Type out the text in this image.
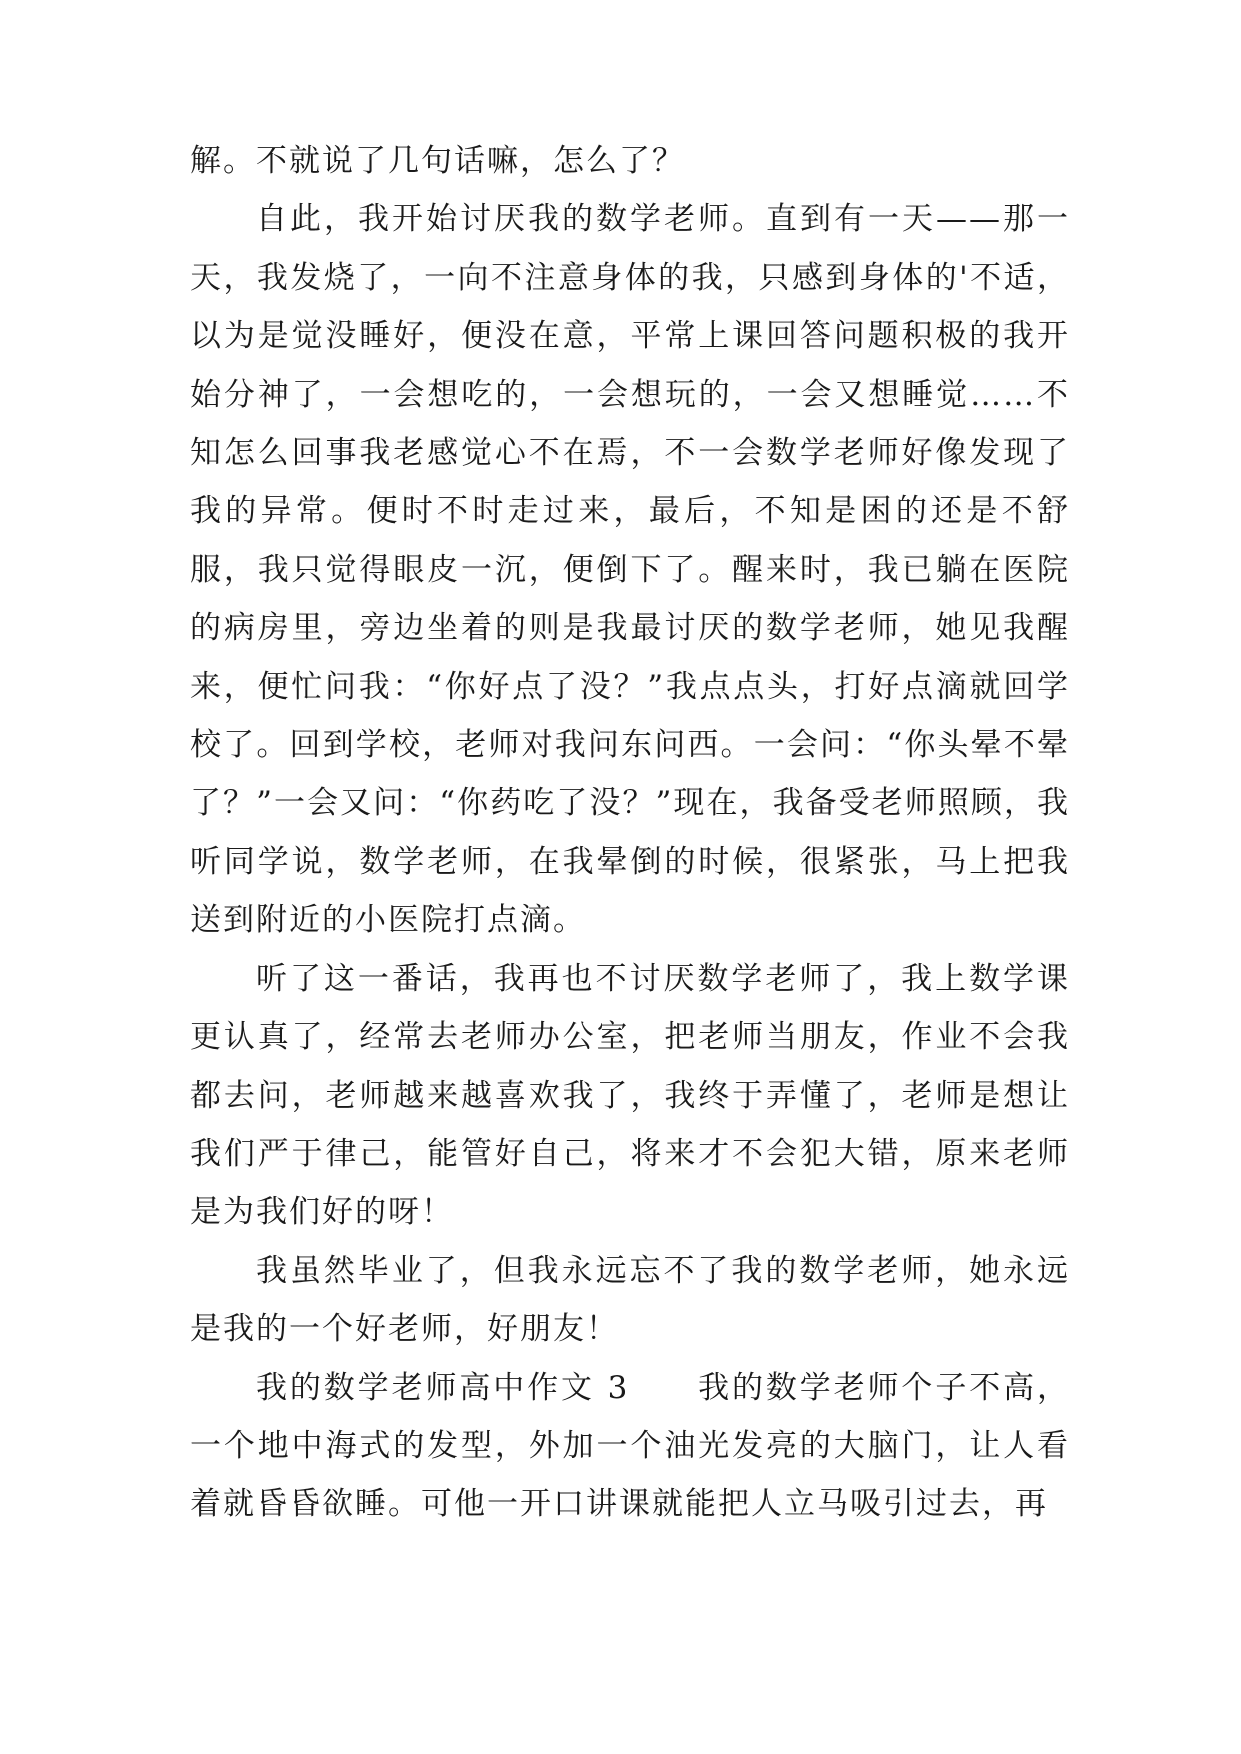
解。不就说了几句话嘛，怎么了？

自此，我开始讨厌我的数学老师。直到有一天——那一天，我发烧了，一向不注意身体的我，只感到身体的'不适，以为是觉没睡好，便没在意，平常上课回答问题积极的我开始分神了，一会想吃的，一会想玩的，一会又想睡觉……不知怎么回事我老感觉心不在焉，不一会数学老师好像发现了我的异常。便时不时走过来，最后，不知是困的还是不舒服，我只觉得眼皮一沉，便倒下了。醒来时，我已躺在医院的病房里，旁边坐着的则是我最讨厌的数学老师，她见我醒来，便忙问我：“你好点了没？”我点点头，打好点滴就回学校了。回到学校，老师对我问东问西。一会问：“你头晕不晕了？”一会又问：“你药吃了没？”现在，我备受老师照顾，我听同学说，数学老师，在我晕倒的时候，很紧张，马上把我送到附近的小医院打点滴。

听了这一番话，我再也不讨厌数学老师了，我上数学课更认真了，经常去老师办公室，把老师当朋友，作业不会我都去问，老师越来越喜欢我了，我终于弄懂了，老师是想让我们严于律己，能管好自己，将来才不会犯大错，原来老师是为我们好的呀！

我虽然毕业了，但我永远忘不了我的数学老师，她永远是我的一个好老师，好朋友！

我的数学老师高中作文 3　　我的数学老师个子不高，一个地中海式的发型，外加一个油光发亮的大脑门，让人看着就昏昏欲睡。可他一开口讲课就能把人立马吸引过去，再
